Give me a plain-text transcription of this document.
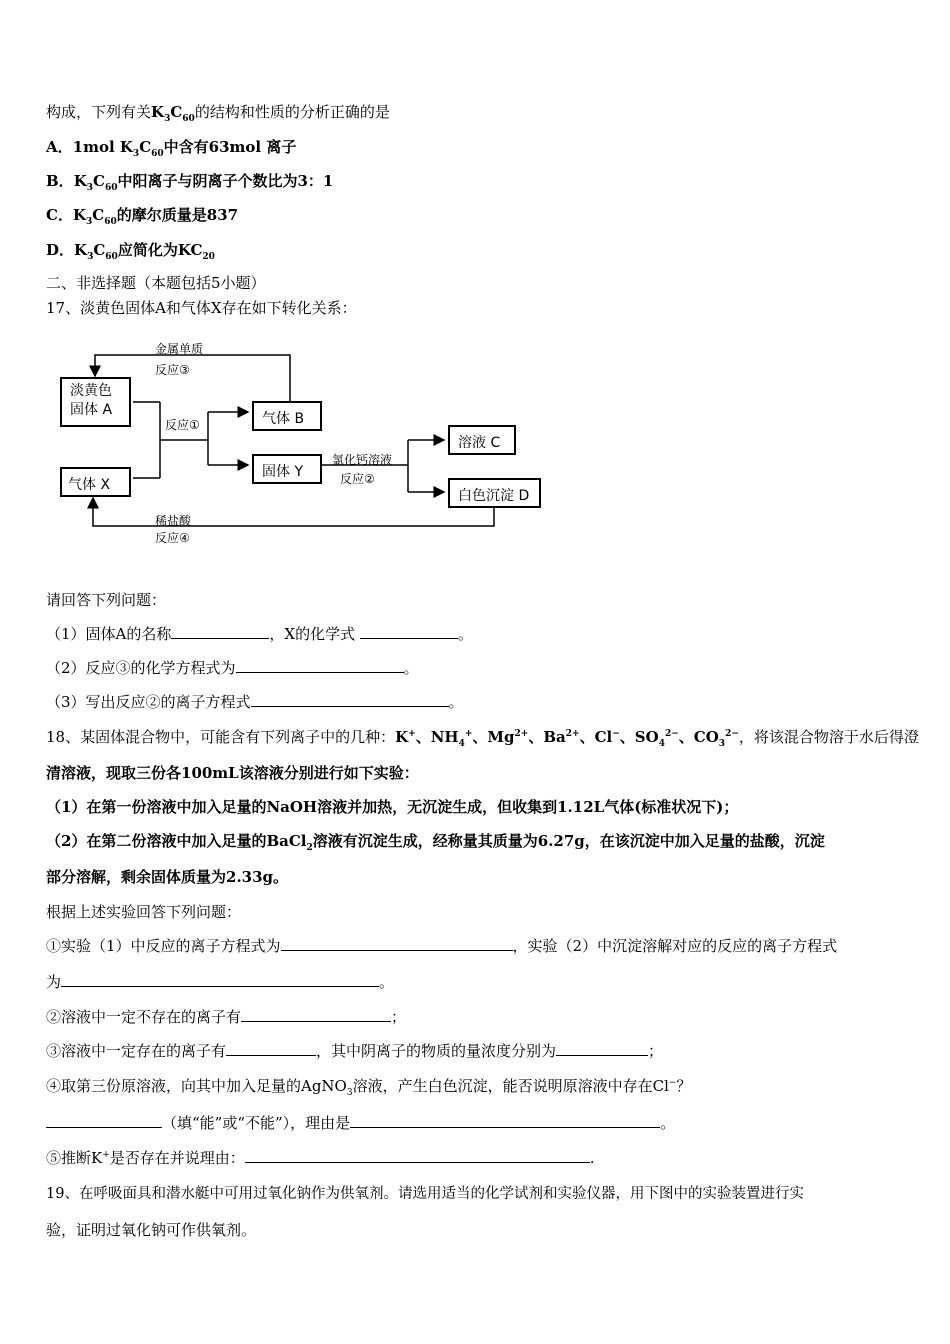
构成，下列有关$K_3C_{60}$的结构和性质的分析正确的是
A．1mol $K_3C_{60}$中含有63mol 离子
B．$K_3C_{60}$中阳离子与阴离子个数比为3：1
C．$K_3C_{60}$的摩尔质量是837
D．$K_3C_{60}$应简化为$KC_{20}$
二、非选择题（本题包括5小题）
17、淡黄色固体A和气体X存在如下转化关系：
淡黄色
固体 A
气体 X
气体 B
固体 Y
溶液 C
白色沉淀 D
金属单质
反应③
反应①
氯化钙溶液
反应②
稀盐酸
反应④
请回答下列问题：
（1）固体A的名称	，X的化学式	。
（2）反应③的化学方程式为	。
（3）写出反应②的离子方程式	。
18、某固体混合物中，可能含有下列离子中的几种：K+、$NH_4^+$、$Mg^{2+}$、$Ba^{2+}$、Cl−、$SO_4^{2-}$、$CO_3^{2-}$，将该混合物溶于水后得澄
清溶液，现取三份各100mL该溶液分别进行如下实验：
（1）在第一份溶液中加入足量的NaOH溶液并加热，无沉淀生成，但收集到1.12L气体(标准状况下)；
（2）在第二份溶液中加入足量的BaCl$_2$溶液有沉淀生成，经称量其质量为6.27g，在该沉淀中加入足量的盐酸，沉淀
部分溶解，剩余固体质量为2.33g。
根据上述实验回答下列问题：
①实验（1）中反应的离子方程式为	，实验（2）中沉淀溶解对应的反应的离子方程式
为	。
②溶液中一定不存在的离子有	；
③溶液中一定存在的离子有	，其中阴离子的物质的量浓度分别为	；
④取第三份原溶液，向其中加入足量的AgNO$_3$溶液，产生白色沉淀，能否说明原溶液中存在Cl−？
（填“能”或“不能”），理由是	。
⑤推断K+是否存在并说理由：	.
19、在呼吸面具和潜水艇中可用过氧化钠作为供氧剂。请选用适当的化学试剂和实验仪器，用下图中的实验装置进行实
验，证明过氧化钠可作供氧剂。
